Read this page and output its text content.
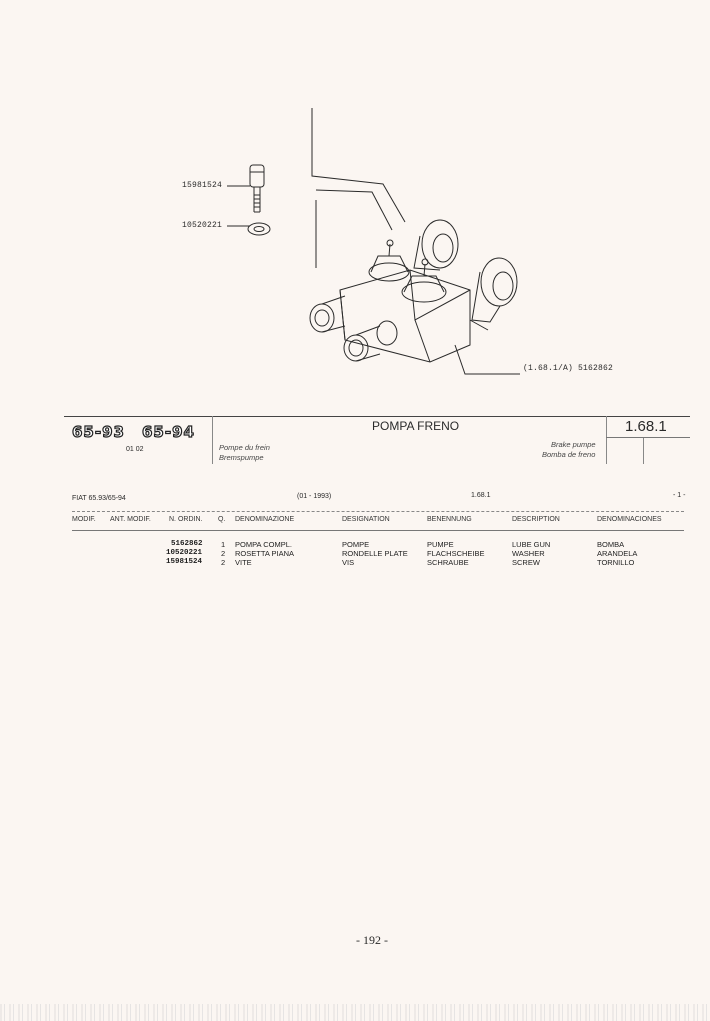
15981524
10520221
(1.68.1/A) 5162862
65-93 65-94
01 02
POMPA FRENO
Pompe du frein
Bremspumpe
Brake pumpe
Bomba de freno
1.68.1
FIAT 65.93/65-94	(01 - 1993)	1.68.1	- 1 -
MODIF. ANT. MODIF.	N. ORDIN. Q. DENOMINAZIONE	DESIGNATION	BENENNUNG	DESCRIPTION	DENOMINACIONES
5162862 1 POMPA COMPL.	POMPE	PUMPE	LUBE GUN	BOMBA
10520221	2 ROSETTA PIANA	RONDELLE PLATE	FLACHSCHEIBE	WASHER	ARANDELA
15981524	2 VITE	VIS	SCHRAUBE	SCREW	TORNILLO
- 192 -
